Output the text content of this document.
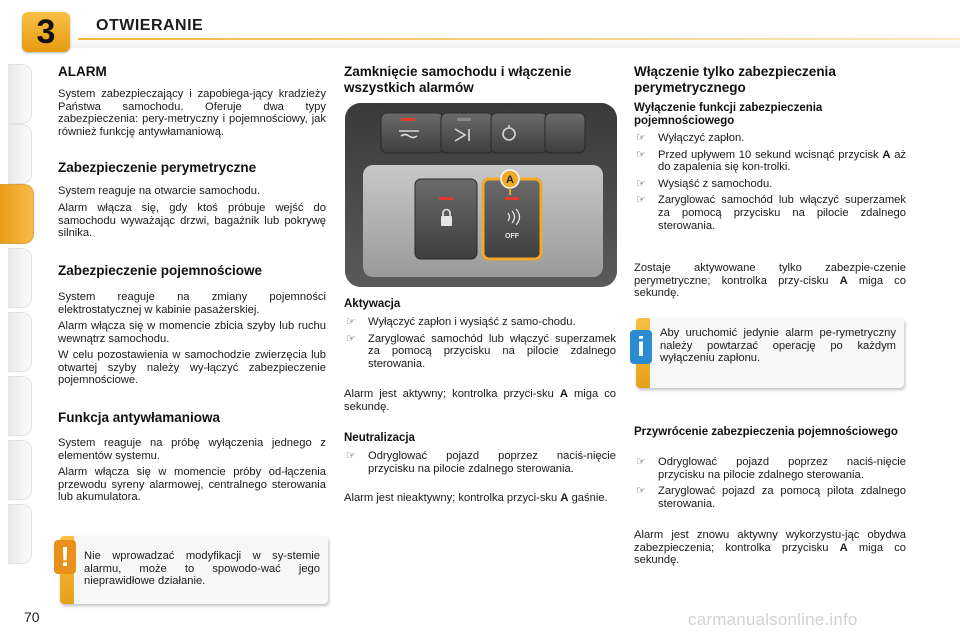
3	OTWIERANIE
ALARM

System zabezpieczający i zapobiega-jący kradzieży Państwa samochodu. Oferuje dwa typy zabezpieczenia: pery-metryczny i pojemnościowy, jak również funkcję antywłamaniową.

Zabezpieczenie perymetryczne

System reaguje na otwarcie samochodu.

Alarm włącza się, gdy ktoś próbuje wejść do samochodu wyważając drzwi, bagażnik lub pokrywę silnika.

Zabezpieczenie pojemnościowe

System reaguje na zmiany pojemności elektrostatycznej w kabinie pasażerskiej.

Alarm włącza się w momencie zbicia szyby lub ruchu wewnątrz samochodu.

W celu pozostawienia w samochodzie zwierzęcia lub otwartej szyby należy wy-łączyć zabezpieczenie pojemnościowe.

Funkcja antywłamaniowa

System reaguje na próbę wyłączenia jednego z elementów systemu.

Alarm włącza się w momencie próby od-łączenia przewodu syreny alarmowej, centralnego sterowania lub akumulatora.

!	Nie wprowadzać modyfikacji w sy-stemie alarmu, może to spowodo-wać jego nieprawidłowe działanie.
Zamknięcie samochodu i włączenie wszystkich alarmów
A
OFF
Aktywacja
☞ Wyłączyć zapłon i wysiąść z samo-chodu.
☞ Zaryglować samochód lub włączyć superzamek za pomocą przycisku na pilocie zdalnego sterowania.

Alarm jest aktywny; kontrolka przyci-sku A miga co sekundę.

Neutralizacja
☞ Odryglować pojazd poprzez naciś-nięcie przycisku na pilocie zdalnego sterowania.

Alarm jest nieaktywny; kontrolka przyci-sku A gaśnie.

Włączenie tylko zabezpieczenia perymetrycznego
Wyłączenie funkcji zabezpieczenia pojemnościowego
☞ Wyłączyć zapłon.
☞ Przed upływem 10 sekund wcisnąć przycisk A aż do zapalenia się kon-trolki.
☞ Wysiąść z samochodu.
☞ Zaryglować samochód lub włączyć superzamek za pomocą przycisku na pilocie zdalnego sterowania.

Zostaje aktywowane tylko zabezpie-czenie perymetryczne; kontrolka przy-cisku A miga co sekundę.

Przywrócenie zabezpieczenia pojemnościowego
☞ Odryglować pojazd poprzez naciś-nięcie przycisku na pilocie zdalnego sterowania.
☞ Zaryglować pojazd za pomocą pilota zdalnego sterowania.

Alarm jest znowu aktywny wykorzystu-jąc obydwa zabezpieczenia; kontrolka przycisku A miga co sekundę.

i	Aby uruchomić jedynie alarm pe-rymetryczny należy powtarzać operację po każdym wyłączeniu zapłonu.
70	carmanualsonline.info
